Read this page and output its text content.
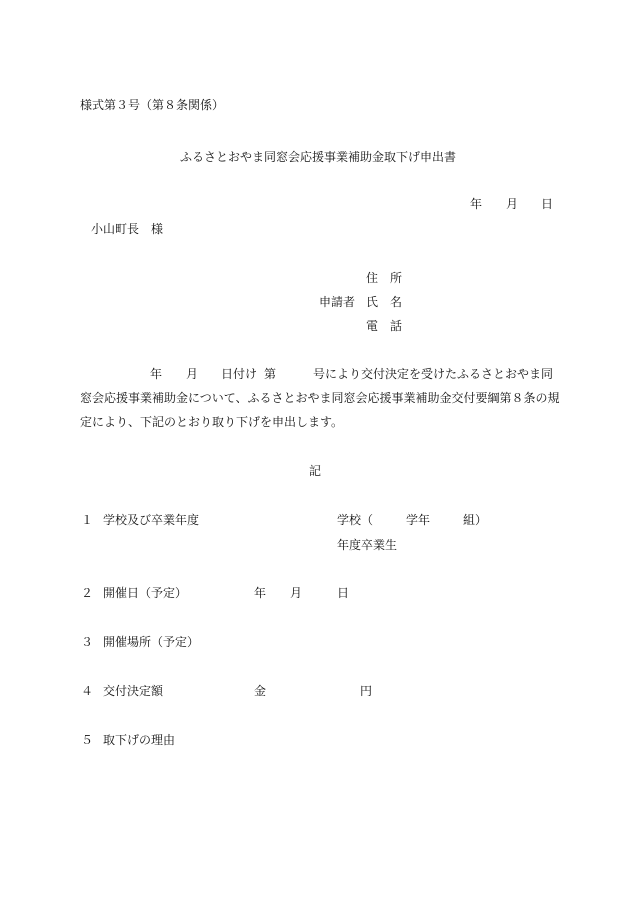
様式第３号（第８条関係）

ふるさとおやま同窓会応援事業補助金取下げ申出書

年 月 日

小山町長　様

住　所
申請者 氏　名
電　話
年 月 日付け 第	号により交付決定を受けたふるさとおやま同
窓会応援事業補助金について、ふるさとおやま同窓会応援事業補助金交付要綱第８条の規
定により、下記のとおり取り下げを申出します。

記

１ 学校及び卒業年度	学校（	学年	組）
年度卒業生
２ 開催日（予定）	年 月	日
３ 開催場所（予定）
４ 交付決定額	金	円
５ 取下げの理由
